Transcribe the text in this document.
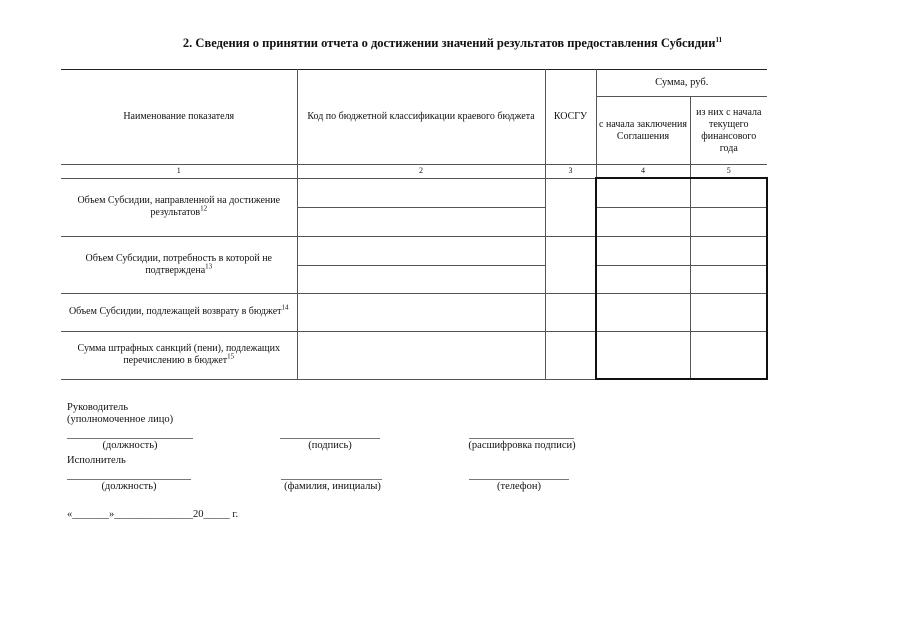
2. Сведения о принятии отчета о достижении значений результатов предоставления Субсидии$^{11}$
Наименование показателя	Код по бюджетной классификации краевого бюджета	КОСГУ	Сумма, руб.	
			с начала заключения Соглашения	из них с начала текущего финансового года
1	2	3	4	5
Объем Субсидии, направленной на достижение результатов$^{12}$				

Объем Субсидии, потребность в которой не подтверждена$^{13}$				

Объем Субсидии, подлежащей возврату в бюджет$^{14}$				
Сумма штрафных санкций (пени), подлежащих перечислению в бюджет$^{15}$				
Руководитель
(уполномоченное лицо)
(должность)	(подпись)	(расшифровка подписи)
Исполнитель
(должность)	(фамилия, инициалы)	(телефон)
«_______»_______________20_____ г.
